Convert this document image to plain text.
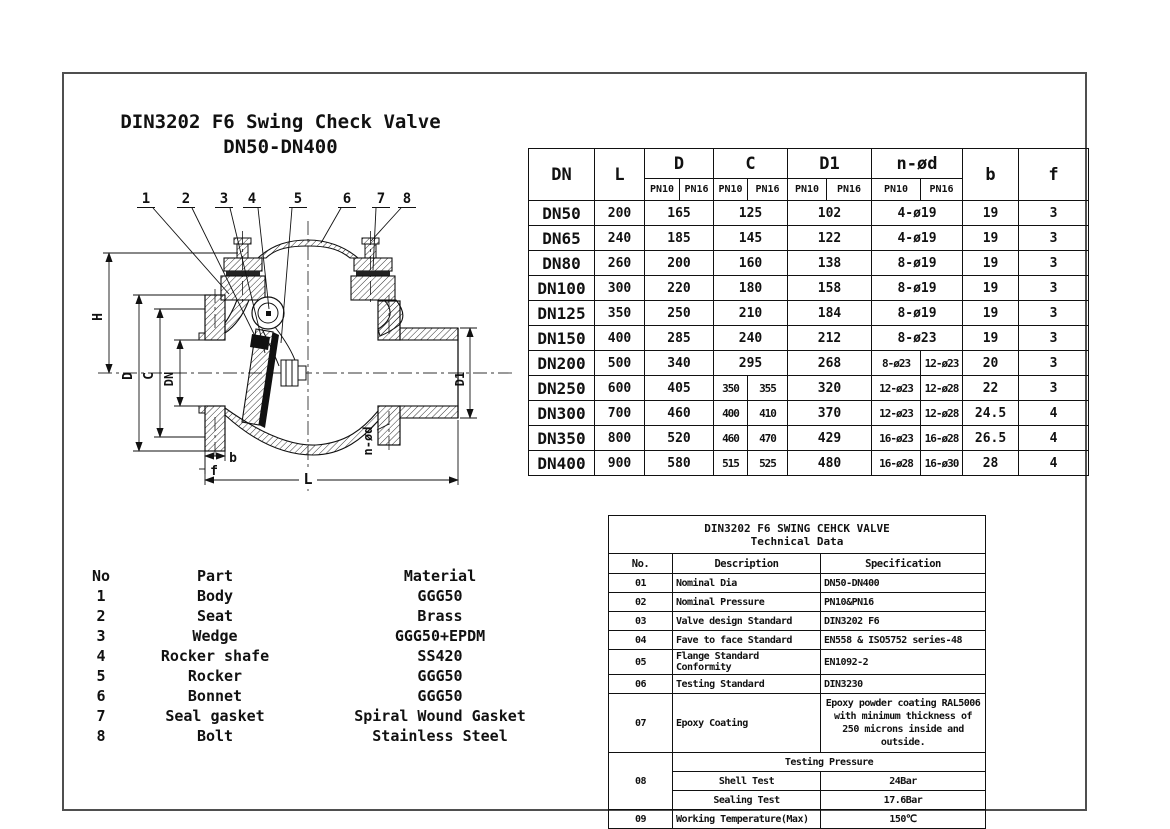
DIN3202 F6 Swing Check Valve
DN50-DN400
H
D C DN	D1
L
b
f
n-ød
1 2 3 4	5	6 7 8
DN	L	D		C		D1		n-ød		b	f
		PN10	PN16	PN10	PN16	PN10	PN16	PN10	PN16		
DN50	200	165		125		102		4-ø19		19	3
DN65	240	185		145		122		4-ø19		19	3
DN80	260	200		160		138		8-ø19		19	3
DN100	300	220		180		158		8-ø19		19	3
DN125	350	250		210		184		8-ø19		19	3
DN150	400	285		240		212		8-ø23		19	3
DN200	500	340		295		268		8-ø23	12-ø23	20	3
DN250	600	405		350	355	320		12-ø23	12-ø28	22	3
DN300	700	460		400	410	370		12-ø23	12-ø28	24.5	4
DN350	800	520		460	470	429		16-ø23	16-ø28	26.5	4
DN400	900	580		515	525	480		16-ø28	16-ø30	28	4
DIN3202 F6 SWING CEHCK VALVE
Technical Data		

No.	Description	Specification
01	Nominal Dia	DN50-DN400
02	Nominal Pressure	PN10&PN16
03	Valve design Standard	DIN3202 F6
04	Fave to face Standard	EN558 & ISO5752 series-48
05	Flange Standard Conformity	EN1092-2
06	Testing Standard	DIN3230
07	Epoxy Coating	Epoxy powder coating RAL5006 with minimum thickness of 250 microns inside and outside.
08	Testing Pressure	
	Shell Test	24Bar
	Sealing Test	17.6Bar
09	Working Temperature(Max)	150℃
No	Part	Material
1	Body	GGG50
2	Seat	Brass
3	Wedge	GGG50+EPDM
4	Rocker shafe	SS420
5	Rocker	GGG50
6	Bonnet	GGG50
7	Seal gasket	Spiral Wound Gasket
8	Bolt	Stainless Steel
